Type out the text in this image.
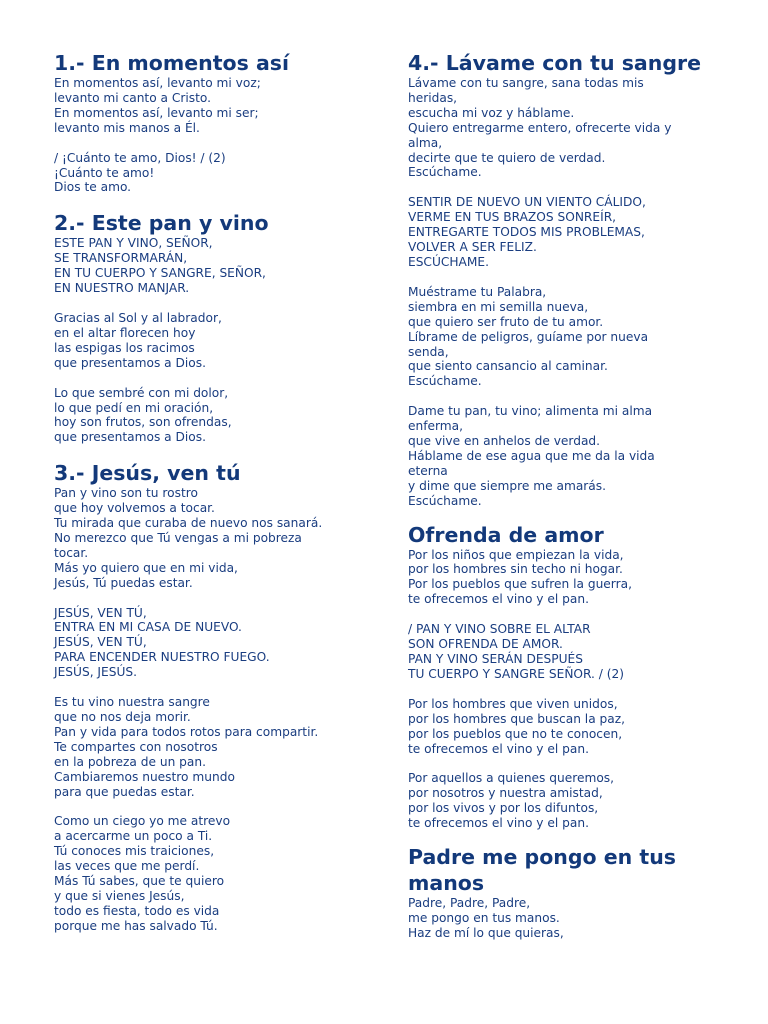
1.- En momentos así
En momentos así, levanto mi voz;
levanto mi canto a Cristo.
En momentos así, levanto mi ser;
levanto mis manos a Él.
/ ¡Cuánto te amo, Dios! / (2)
¡Cuánto te amo!
Dios te amo.
2.- Este pan y vino
ESTE PAN Y VINO, SEÑOR,
SE TRANSFORMARÁN,
EN TU CUERPO Y SANGRE, SEÑOR,
EN NUESTRO MANJAR.
Gracias al Sol y al labrador,
en el altar florecen hoy
las espigas los racimos
que presentamos a Dios.
Lo que sembré con mi dolor,
lo que pedí en mi oración,
hoy son frutos, son ofrendas,
que presentamos a Dios.
3.- Jesús, ven tú
Pan y vino son tu rostro
que hoy volvemos a tocar.
Tu mirada que curaba de nuevo nos sanará.
No merezco que Tú vengas a mi pobreza
tocar.
Más yo quiero que en mi vida,
Jesús, Tú puedas estar.
JESÚS, VEN TÚ,
ENTRA EN MI CASA DE NUEVO.
JESÚS, VEN TÚ,
PARA ENCENDER NUESTRO FUEGO.
JESÚS, JESÚS.
Es tu vino nuestra sangre
que no nos deja morir.
Pan y vida para todos rotos para compartir.
Te compartes con nosotros
en la pobreza de un pan.
Cambiaremos nuestro mundo
para que puedas estar.
Como un ciego yo me atrevo
a acercarme un poco a Ti.
Tú conoces mis traiciones,
las veces que me perdí.
Más Tú sabes, que te quiero
y que si vienes Jesús,
todo es fiesta, todo es vida
porque me has salvado Tú.
4.- Lávame con tu sangre
Lávame con tu sangre, sana todas mis
heridas,
escucha mi voz y háblame.
Quiero entregarme entero, ofrecerte vida y
alma,
decirte que te quiero de verdad.
Escúchame.
SENTIR DE NUEVO UN VIENTO CÁLIDO,
VERME EN TUS BRAZOS SONREÍR,
ENTREGARTE TODOS MIS PROBLEMAS,
VOLVER A SER FELIZ.
ESCÚCHAME.
Muéstrame tu Palabra,
siembra en mi semilla nueva,
que quiero ser fruto de tu amor.
Líbrame de peligros, guíame por nueva
senda,
que siento cansancio al caminar.
Escúchame.
Dame tu pan, tu vino; alimenta mi alma
enferma,
que vive en anhelos de verdad.
Háblame de ese agua que me da la vida
eterna
y dime que siempre me amarás.
Escúchame.
Ofrenda de amor
Por los niños que empiezan la vida,
por los hombres sin techo ni hogar.
Por los pueblos que sufren la guerra,
te ofrecemos el vino y el pan.
/ PAN Y VINO SOBRE EL ALTAR
SON OFRENDA DE AMOR.
PAN Y VINO SERÁN DESPUÉS
TU CUERPO Y SANGRE SEÑOR. / (2)
Por los hombres que viven unidos,
por los hombres que buscan la paz,
por los pueblos que no te conocen,
te ofrecemos el vino y el pan.
Por aquellos a quienes queremos,
por nosotros y nuestra amistad,
por los vivos y por los difuntos,
te ofrecemos el vino y el pan.
Padre me pongo en tus manos
Padre, Padre, Padre,
me pongo en tus manos.
Haz de mí lo que quieras,
